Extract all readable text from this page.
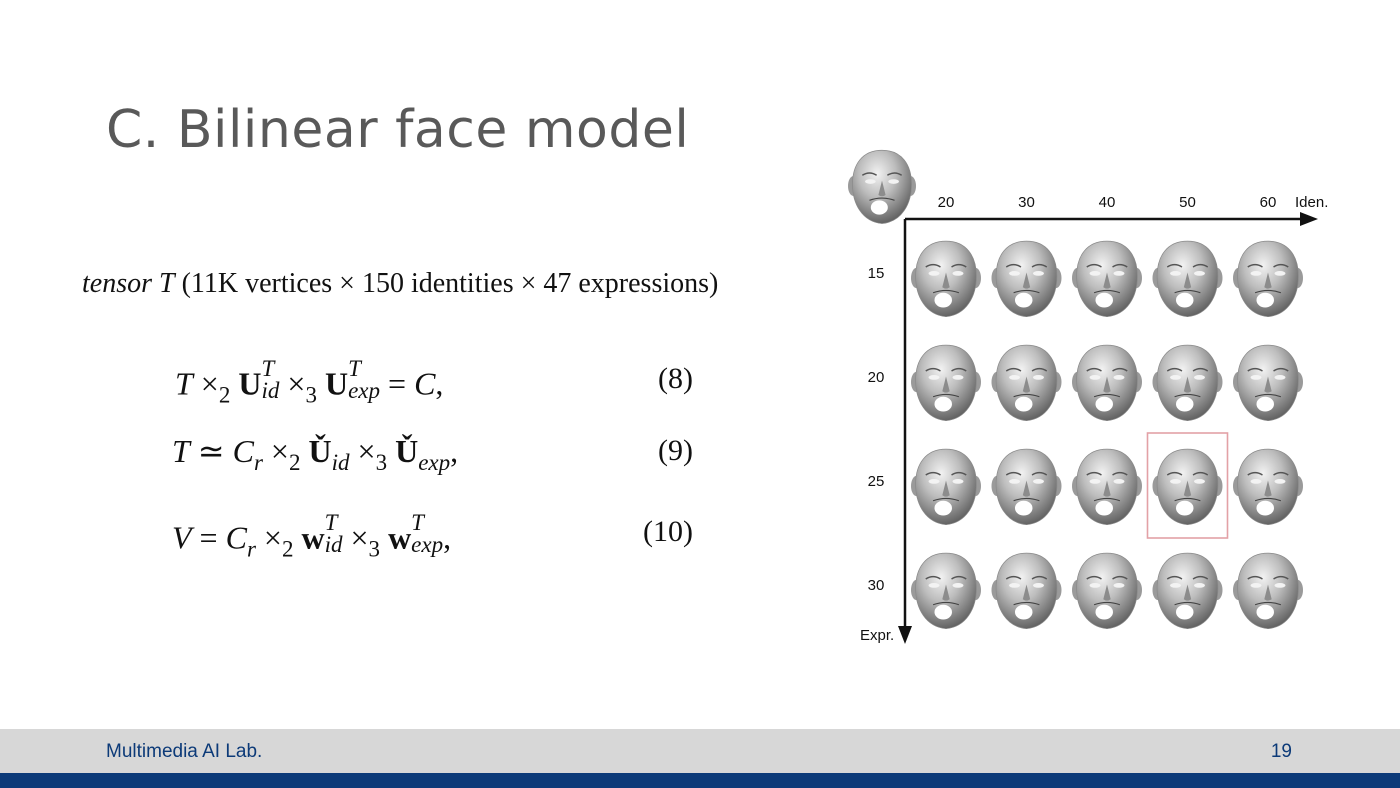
C. Bilinear face model
tensor T (11K vertices × 150 identities × 47 expressions)
$T \times_2$ U T
id $\times_3$ U T
exp = C,	(8)
T ≃ $C_r \times_2$ $Ǔ_{id} \times_3$ $Ǔ_{exp}$,	(9)
$V = C_r \times_2$ w T
id $\times_3$ w T
exp ,	(10)
Iden.
Expr.
20	30	40	50	60
15
20
25
30
Multimedia AI Lab.	19
